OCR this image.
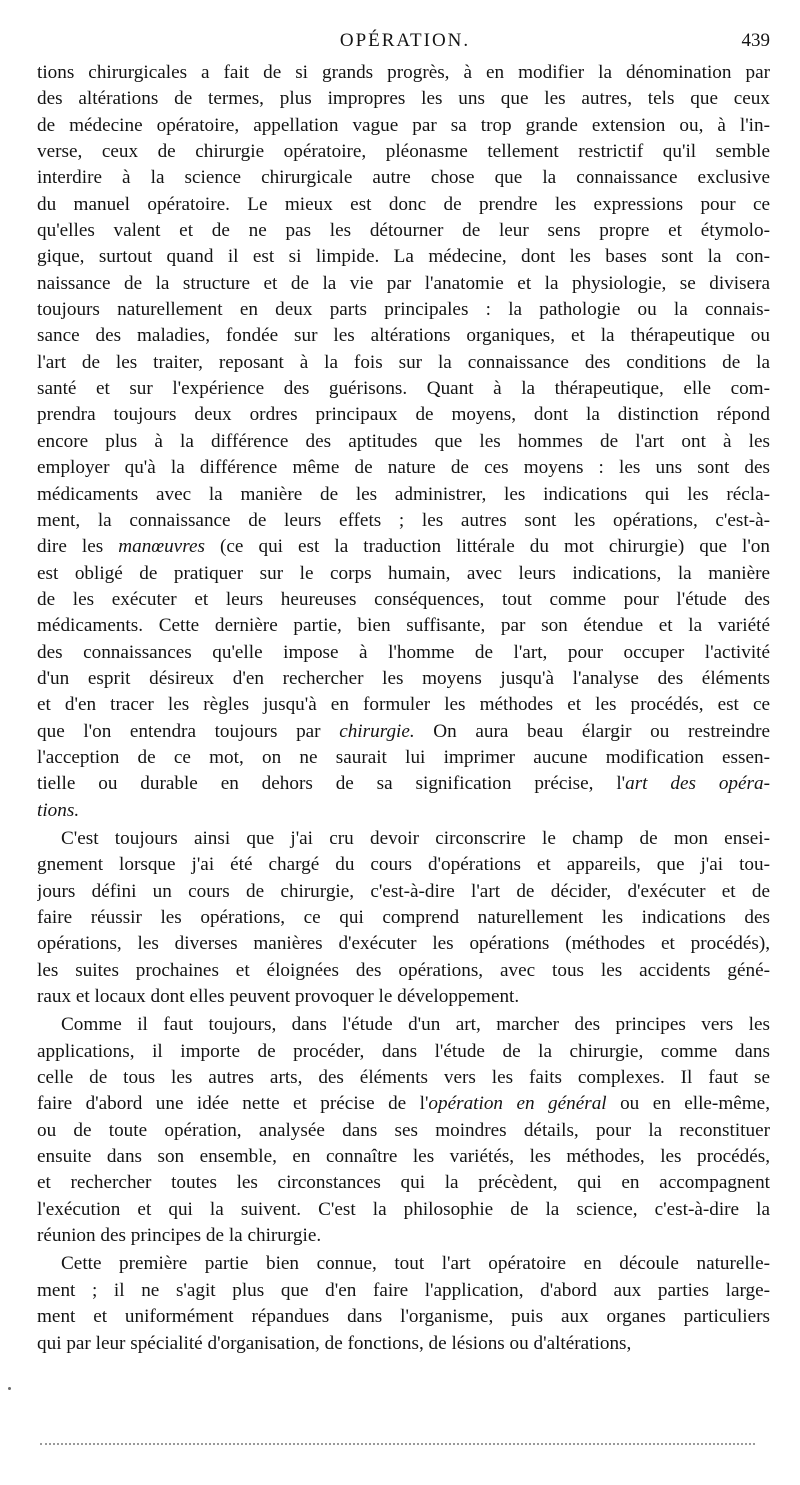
OPÉRATION.	439
tions chirurgicales a fait de si grands progrès, à en modifier la dénomination par
des altérations de termes, plus impropres les uns que les autres, tels que ceux
de médecine opératoire, appellation vague par sa trop grande extension ou, à l'in-
verse, ceux de chirurgie opératoire, pléonasme tellement restrictif qu'il semble
interdire à la science chirurgicale autre chose que la connaissance exclusive
du manuel opératoire. Le mieux est donc de prendre les expressions pour ce
qu'elles valent et de ne pas les détourner de leur sens propre et étymolo-
gique, surtout quand il est si limpide. La médecine, dont les bases sont la con-
naissance de la structure et de la vie par l'anatomie et la physiologie, se divisera
toujours naturellement en deux parts principales : la pathologie ou la connais-
sance des maladies, fondée sur les altérations organiques, et la thérapeutique ou
l'art de les traiter, reposant à la fois sur la connaissance des conditions de la
santé et sur l'expérience des guérisons. Quant à la thérapeutique, elle com-
prendra toujours deux ordres principaux de moyens, dont la distinction répond
encore plus à la différence des aptitudes que les hommes de l'art ont à les
employer qu'à la différence même de nature de ces moyens : les uns sont des
médicaments avec la manière de les administrer, les indications qui les récla-
ment, la connaissance de leurs effets ; les autres sont les opérations, c'est-à-
dire les manœuvres (ce qui est la traduction littérale du mot chirurgie) que l'on
est obligé de pratiquer sur le corps humain, avec leurs indications, la manière
de les exécuter et leurs heureuses conséquences, tout comme pour l'étude des
médicaments. Cette dernière partie, bien suffisante, par son étendue et la variété
des connaissances qu'elle impose à l'homme de l'art, pour occuper l'activité
d'un esprit désireux d'en rechercher les moyens jusqu'à l'analyse des éléments
et d'en tracer les règles jusqu'à en formuler les méthodes et les procédés, est ce
que l'on entendra toujours par chirurgie. On aura beau élargir ou restreindre
l'acception de ce mot, on ne saurait lui imprimer aucune modification essen-
tielle ou durable en dehors de sa signification précise, l'art des opéra-
tions.
C'est toujours ainsi que j'ai cru devoir circonscrire le champ de mon ensei-
gnement lorsque j'ai été chargé du cours d'opérations et appareils, que j'ai tou-
jours défini un cours de chirurgie, c'est-à-dire l'art de décider, d'exécuter et de
faire réussir les opérations, ce qui comprend naturellement les indications des
opérations, les diverses manières d'exécuter les opérations (méthodes et procédés),
les suites prochaines et éloignées des opérations, avec tous les accidents géné-
raux et locaux dont elles peuvent provoquer le développement.
Comme il faut toujours, dans l'étude d'un art, marcher des principes vers les
applications, il importe de procéder, dans l'étude de la chirurgie, comme dans
celle de tous les autres arts, des éléments vers les faits complexes. Il faut se
faire d'abord une idée nette et précise de l'opération en général ou en elle-même,
ou de toute opération, analysée dans ses moindres détails, pour la reconstituer
ensuite dans son ensemble, en connaître les variétés, les méthodes, les procédés,
et rechercher toutes les circonstances qui la précèdent, qui en accompagnent
l'exécution et qui la suivent. C'est la philosophie de la science, c'est-à-dire la
réunion des principes de la chirurgie.
Cette première partie bien connue, tout l'art opératoire en découle naturelle-
ment ; il ne s'agit plus que d'en faire l'application, d'abord aux parties large-
ment et uniformément répandues dans l'organisme, puis aux organes particuliers
qui par leur spécialité d'organisation, de fonctions, de lésions ou d'altérations,
